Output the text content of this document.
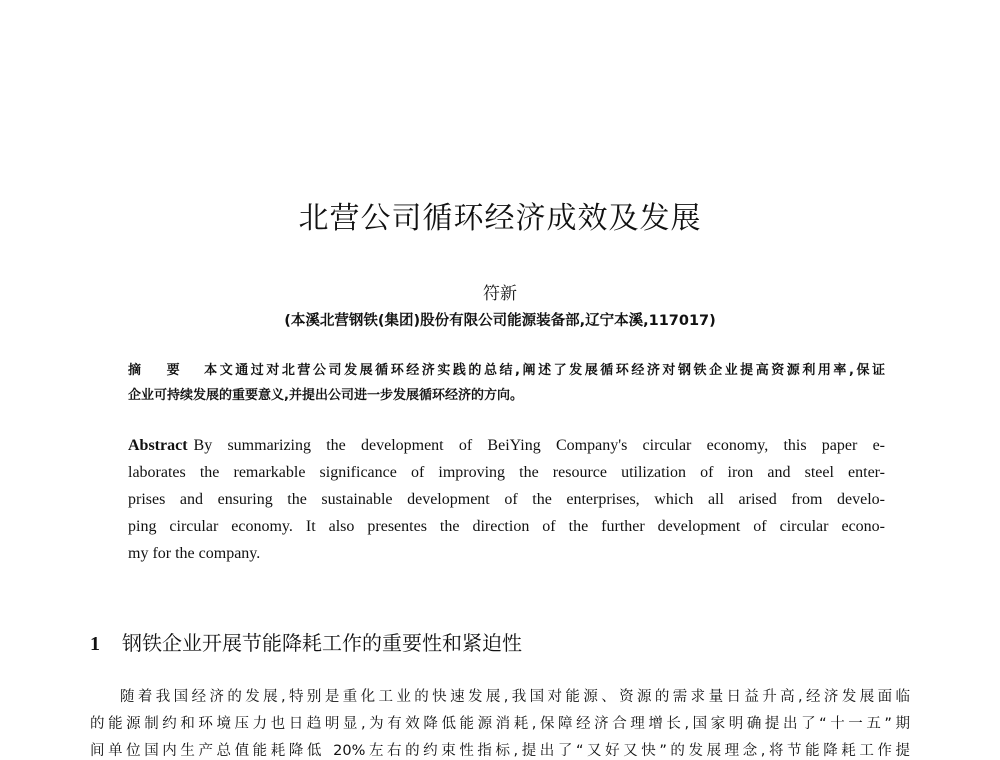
北营公司循环经济成效及发展
符新
(本溪北营钢铁(集团)股份有限公司能源装备部,辽宁本溪,117017)
摘 要 本文通过对北营公司发展循环经济实践的总结,阐述了发展循环经济对钢铁企业提高资源利用率,保证
企业可持续发展的重要意义,并提出公司进一步发展循环经济的方向。
Abstract By summarizing the development of BeiYing Company's circular economy, this paper e-
laborates the remarkable significance of improving the resource utilization of iron and steel enter-
prises and ensuring the sustainable development of the enterprises, which all arised from develo-
ping circular economy. It also presentes the direction of the further development of circular econo-
my for the company.
1 钢铁企业开展节能降耗工作的重要性和紧迫性
随着我国经济的发展,特别是重化工业的快速发展,我国对能源、资源的需求量日益升高,经济发展面临
的能源制约和环境压力也日趋明显,为有效降低能源消耗,保障经济合理增长,国家明确提出了“十一五”期
间单位国内生产总值能耗降低 20%左右的约束性指标,提出了“又好又快”的发展理念,将节能降耗工作提
